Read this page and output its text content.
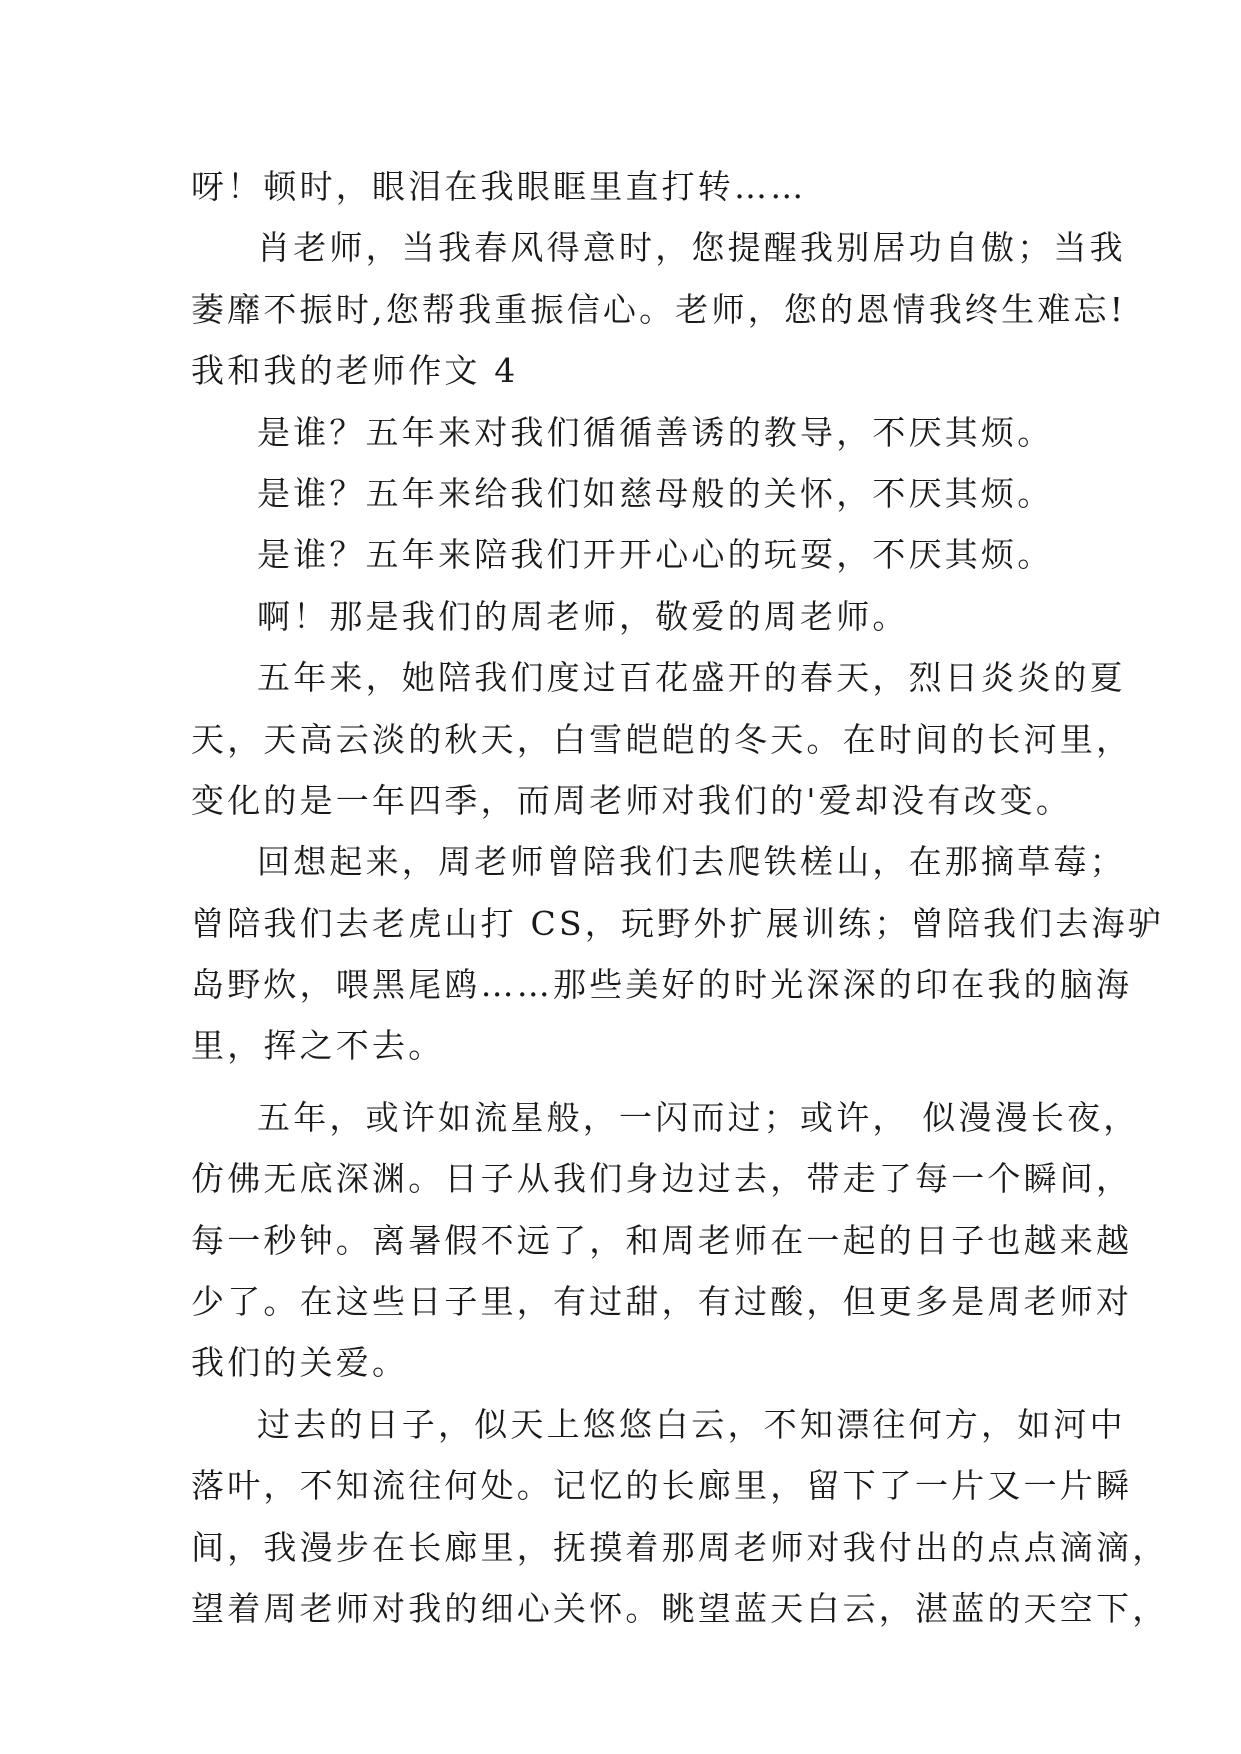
呀！顿时，眼泪在我眼眶里直打转……
肖老师，当我春风得意时，您提醒我别居功自傲；当我
萎靡不振时,您帮我重振信心。老师，您的恩情我终生难忘!
我和我的老师作文 4
是谁？五年来对我们循循善诱的教导，不厌其烦。
是谁？五年来给我们如慈母般的关怀，不厌其烦。
是谁？五年来陪我们开开心心的玩耍，不厌其烦。
啊！那是我们的周老师，敬爱的周老师。
五年来，她陪我们度过百花盛开的春天，烈日炎炎的夏
天，天高云淡的秋天，白雪皑皑的冬天。在时间的长河里，
变化的是一年四季，而周老师对我们的'爱却没有改变。
回想起来，周老师曾陪我们去爬铁槎山，在那摘草莓；
曾陪我们去老虎山打 CS，玩野外扩展训练；曾陪我们去海驴
岛野炊，喂黑尾鸥……那些美好的时光深深的印在我的脑海
里，挥之不去。
五年，或许如流星般，一闪而过；或许， 似漫漫长夜，
仿佛无底深渊。日子从我们身边过去，带走了每一个瞬间，
每一秒钟。离暑假不远了，和周老师在一起的日子也越来越
少了。在这些日子里，有过甜，有过酸，但更多是周老师对
我们的关爱。
过去的日子，似天上悠悠白云，不知漂往何方，如河中
落叶，不知流往何处。记忆的长廊里，留下了一片又一片瞬
间，我漫步在长廊里，抚摸着那周老师对我付出的点点滴滴，
望着周老师对我的细心关怀。眺望蓝天白云，湛蓝的天空下，
